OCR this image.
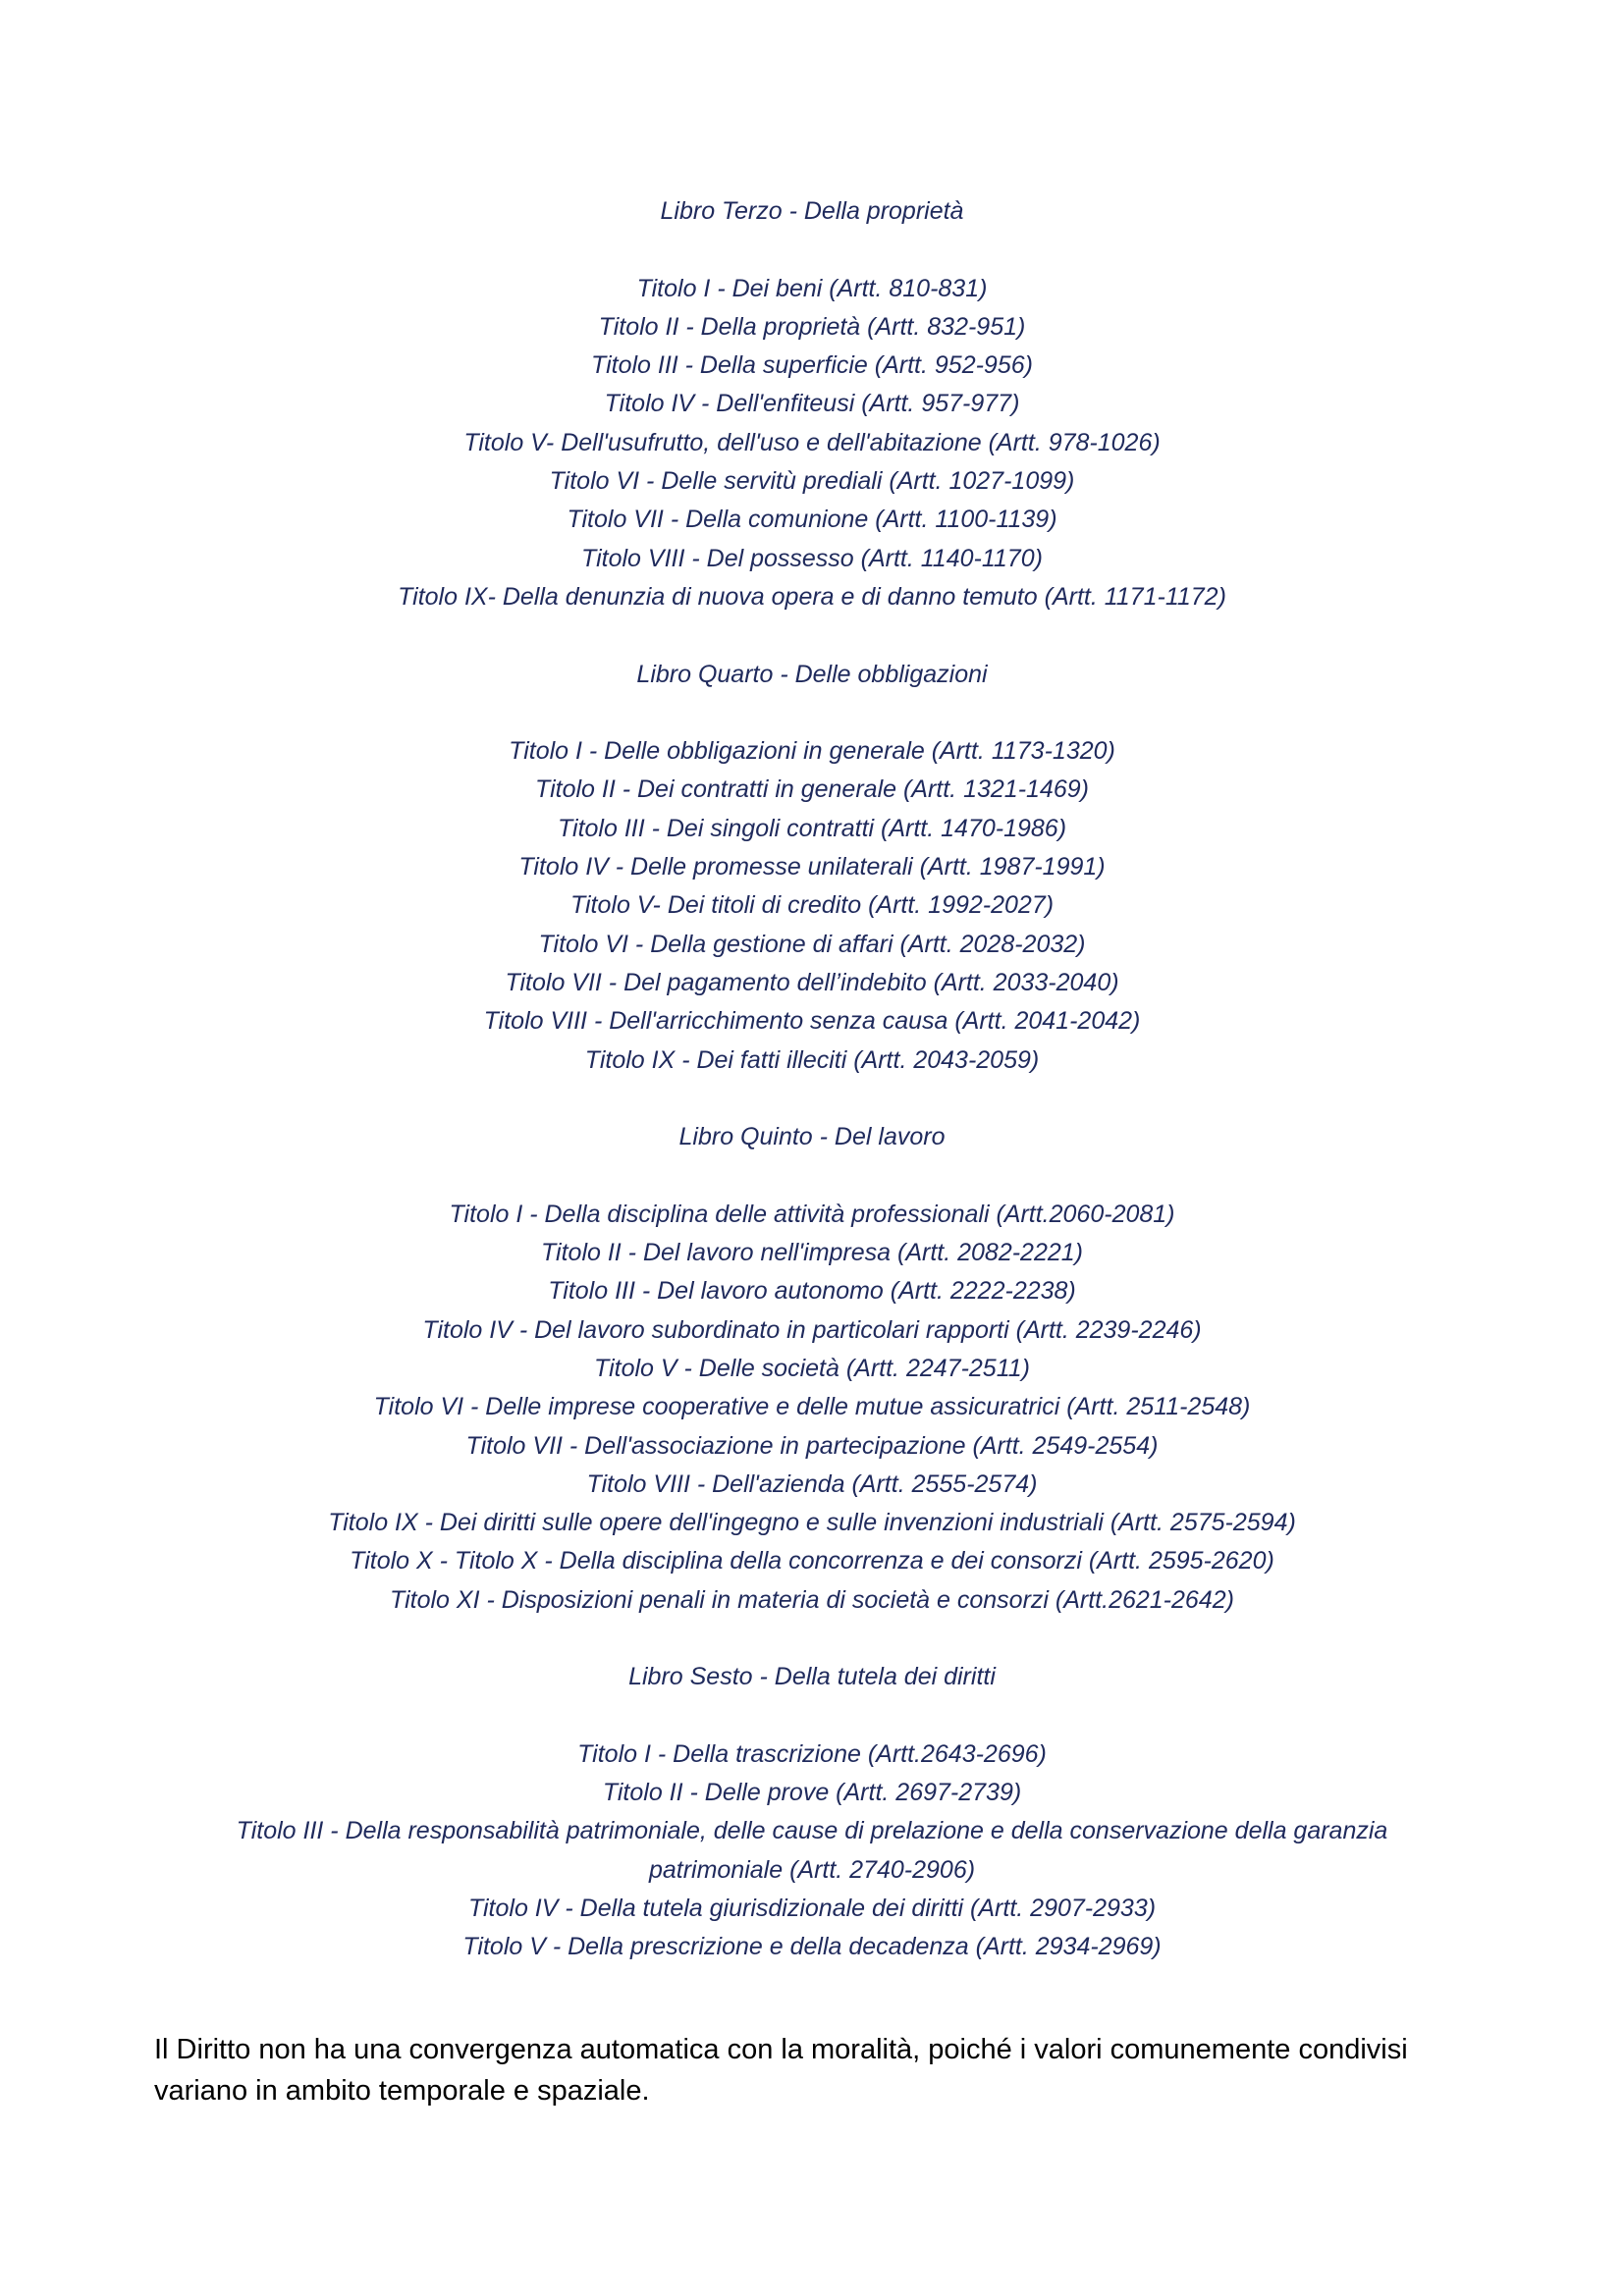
Libro Terzo - Della proprietà
Titolo I - Dei beni (Artt. 810-831)
Titolo II - Della proprietà (Artt. 832-951)
Titolo III - Della superficie (Artt. 952-956)
Titolo IV - Dell'enfiteusi (Artt. 957-977)
Titolo V- Dell'usufrutto, dell'uso e dell'abitazione (Artt. 978-1026)
Titolo VI - Delle servitù prediali (Artt. 1027-1099)
Titolo VII - Della comunione (Artt. 1100-1139)
Titolo VIII - Del possesso (Artt. 1140-1170)
Titolo IX- Della denunzia di nuova opera e di danno temuto (Artt. 1171-1172)
Libro Quarto - Delle obbligazioni
Titolo I - Delle obbligazioni in generale (Artt. 1173-1320)
Titolo II - Dei contratti in generale (Artt. 1321-1469)
Titolo III - Dei singoli contratti (Artt. 1470-1986)
Titolo IV - Delle promesse unilaterali (Artt. 1987-1991)
Titolo V- Dei titoli di credito (Artt. 1992-2027)
Titolo VI - Della gestione di affari (Artt. 2028-2032)
Titolo VII - Del pagamento dell’indebito (Artt. 2033-2040)
Titolo VIII - Dell'arricchimento senza causa (Artt. 2041-2042)
Titolo IX - Dei fatti illeciti (Artt. 2043-2059)
Libro Quinto - Del lavoro
Titolo I - Della disciplina delle attività professionali (Artt.2060-2081)
Titolo II - Del lavoro nell'impresa (Artt. 2082-2221)
Titolo III - Del lavoro autonomo (Artt. 2222-2238)
Titolo IV - Del lavoro subordinato in particolari rapporti (Artt. 2239-2246)
Titolo V - Delle società (Artt. 2247-2511)
Titolo VI - Delle imprese cooperative e delle mutue assicuratrici (Artt. 2511-2548)
Titolo VII - Dell'associazione in partecipazione (Artt. 2549-2554)
Titolo VIII - Dell'azienda (Artt. 2555-2574)
Titolo IX - Dei diritti sulle opere dell'ingegno e sulle invenzioni industriali (Artt. 2575-2594)
Titolo X - Titolo X - Della disciplina della concorrenza e dei consorzi (Artt. 2595-2620)
Titolo XI - Disposizioni penali in materia di società e consorzi (Artt.2621-2642)
Libro Sesto - Della tutela dei diritti
Titolo I - Della trascrizione (Artt.2643-2696)
Titolo II - Delle prove (Artt. 2697-2739)
Titolo III - Della responsabilità patrimoniale, delle cause di prelazione e della conservazione della garanzia patrimoniale (Artt. 2740-2906)
Titolo IV - Della tutela giurisdizionale dei diritti (Artt. 2907-2933)
Titolo V - Della prescrizione e della decadenza (Artt. 2934-2969)

Il Diritto non ha una convergenza automatica con la moralità, poiché i valori comunemente condivisi variano in ambito temporale e spaziale.
